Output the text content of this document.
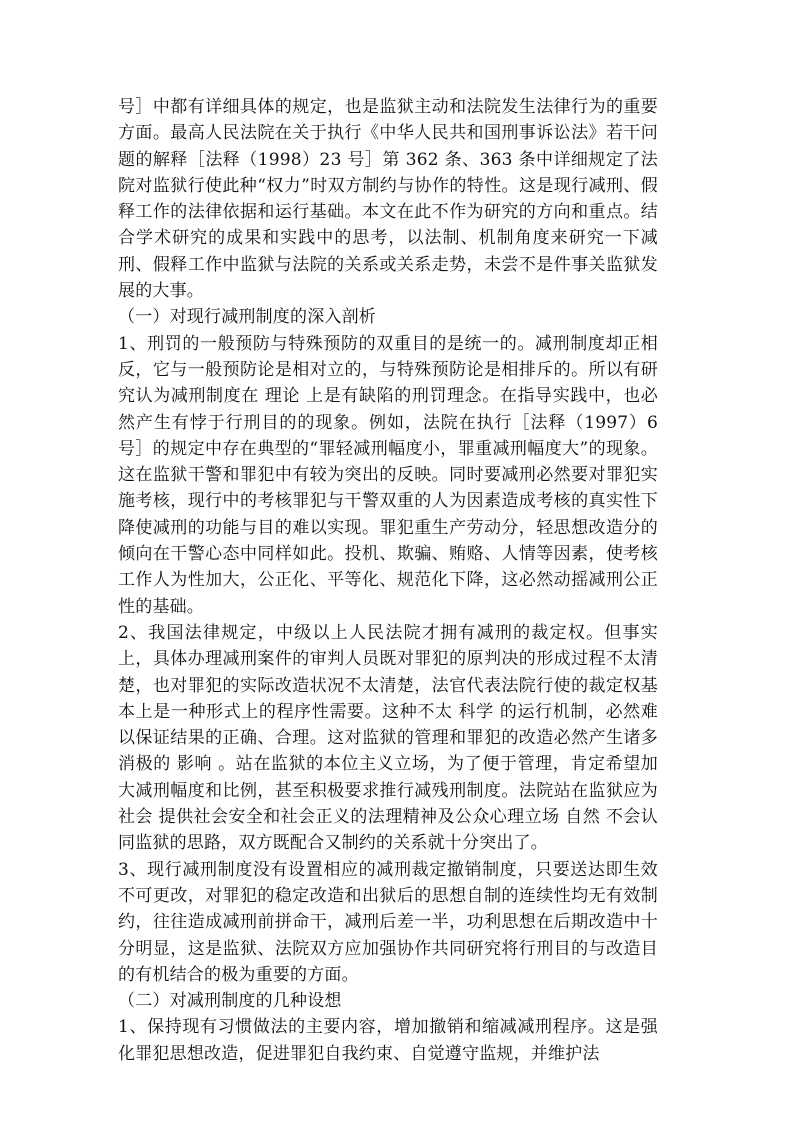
号］中都有详细具体的规定，也是监狱主动和法院发生法律行为的重要方面。最高人民法院在关于执行《中华人民共和国刑事诉讼法》若干问题的解释［法释（1998）23 号］第 362 条、363 条中详细规定了法院对监狱行使此种“权力”时双方制约与协作的特性。这是现行减刑、假释工作的法律依据和运行基础。本文在此不作为研究的方向和重点。结合学术研究的成果和实践中的思考，以法制、机制角度来研究一下减刑、假释工作中监狱与法院的关系或关系走势，未尝不是件事关监狱发展的大事。

（一）对现行减刑制度的深入剖析

1、刑罚的一般预防与特殊预防的双重目的是统一的。减刑制度却正相反，它与一般预防论是相对立的，与特殊预防论是相排斥的。所以有研究认为减刑制度在 理论 上是有缺陷的刑罚理念。在指导实践中，也必然产生有悖于行刑目的的现象。例如，法院在执行［法释（1997）6 号］的规定中存在典型的“罪轻减刑幅度小，罪重减刑幅度大”的现象。这在监狱干警和罪犯中有较为突出的反映。同时要减刑必然要对罪犯实施考核，现行中的考核罪犯与干警双重的人为因素造成考核的真实性下降使减刑的功能与目的难以实现。罪犯重生产劳动分，轻思想改造分的倾向在干警心态中同样如此。投机、欺骗、贿赂、人情等因素，使考核工作人为性加大，公正化、平等化、规范化下降，这必然动摇减刑公正性的基础。

2、我国法律规定，中级以上人民法院才拥有减刑的裁定权。但事实上，具体办理减刑案件的审判人员既对罪犯的原判决的形成过程不太清楚，也对罪犯的实际改造状况不太清楚，法官代表法院行使的裁定权基本上是一种形式上的程序性需要。这种不太 科学 的运行机制，必然难以保证结果的正确、合理。这对监狱的管理和罪犯的改造必然产生诸多消极的 影响 。站在监狱的本位主义立场，为了便于管理，肯定希望加大减刑幅度和比例，甚至积极要求推行减残刑制度。法院站在监狱应为 社会 提供社会安全和社会正义的法理精神及公众心理立场 自然 不会认同监狱的思路，双方既配合又制约的关系就十分突出了。

3、现行减刑制度没有设置相应的减刑裁定撤销制度，只要送达即生效不可更改，对罪犯的稳定改造和出狱后的思想自制的连续性均无有效制约，往往造成减刑前拼命干，减刑后差一半，功利思想在后期改造中十分明显，这是监狱、法院双方应加强协作共同研究将行刑目的与改造目的有机结合的极为重要的方面。

（二）对减刑制度的几种设想

1、保持现有习惯做法的主要内容，增加撤销和缩减减刑程序。这是强化罪犯思想改造，促进罪犯自我约束、自觉遵守监规，并维护法
